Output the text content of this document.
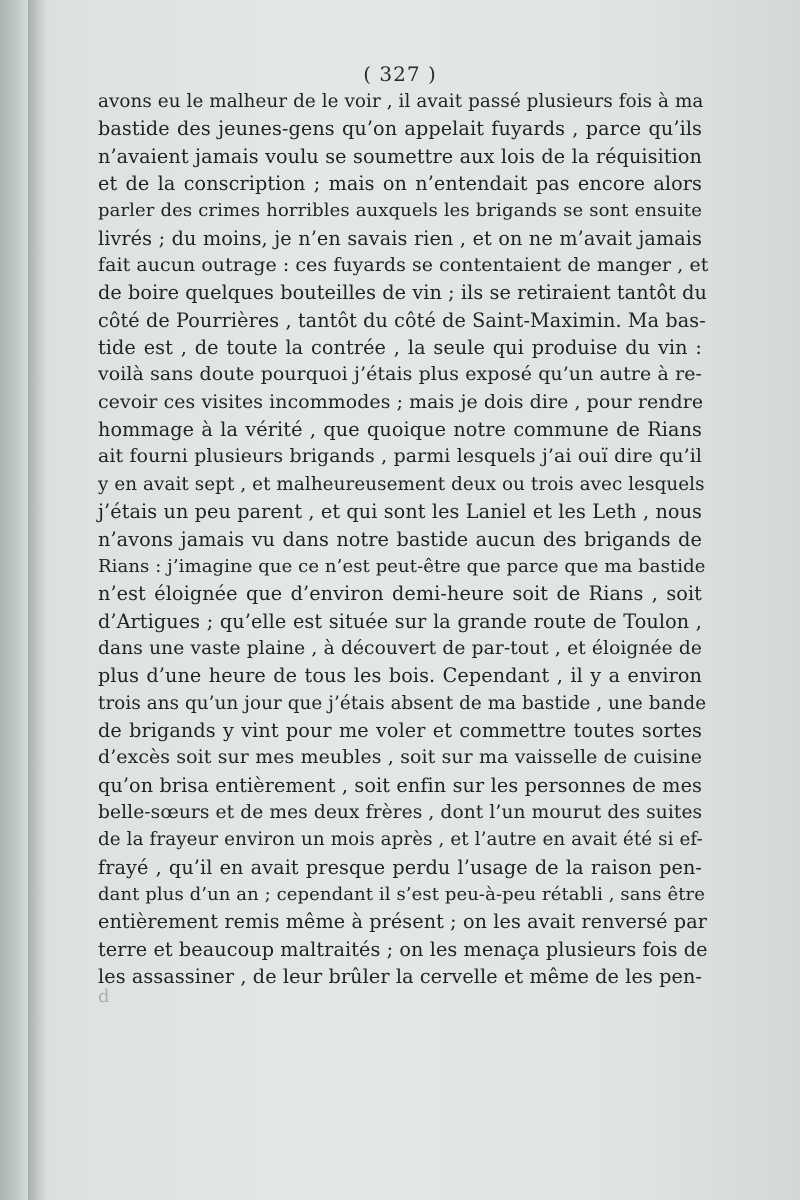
( 327 )
avons eu le malheur de le voir , il avait passé plusieurs fois à ma
bastide des jeunes-gens qu’on appelait fuyards , parce qu’ils
n’avaient jamais voulu se soumettre aux lois de la réquisition
et de la conscription ; mais on n’entendait pas encore alors
parler des crimes horribles auxquels les brigands se sont ensuite
livrés ; du moins, je n’en savais rien , et on ne m’avait jamais
fait aucun outrage : ces fuyards se contentaient de manger , et
de boire quelques bouteilles de vin ; ils se retiraient tantôt du
côté de Pourrières , tantôt du côté de Saint-Maximin. Ma bas-
tide est , de toute la contrée , la seule qui produise du vin :
voilà sans doute pourquoi j’étais plus exposé qu’un autre à re-
cevoir ces visites incommodes ; mais je dois dire , pour rendre
hommage à la vérité , que quoique notre commune de Rians
ait fourni plusieurs brigands , parmi lesquels j’ai ouï dire qu’il
y en avait sept , et malheureusement deux ou trois avec lesquels
j’étais un peu parent , et qui sont les Laniel et les Leth , nous
n’avons jamais vu dans notre bastide aucun des brigands de
Rians : j’imagine que ce n’est peut-être que parce que ma bastide
n’est éloignée que d’environ demi-heure soit de Rians , soit
d’Artigues ; qu’elle est située sur la grande route de Toulon ,
dans une vaste plaine , à découvert de par-tout , et éloignée de
plus d’une heure de tous les bois. Cependant , il y a environ
trois ans qu’un jour que j’étais absent de ma bastide , une bande
de brigands y vint pour me voler et commettre toutes sortes
d’excès soit sur mes meubles , soit sur ma vaisselle de cuisine
qu’on brisa entièrement , soit enfin sur les personnes de mes
belle-sœurs et de mes deux frères , dont l’un mourut des suites
de la frayeur environ un mois après , et l’autre en avait été si ef-
frayé , qu’il en avait presque perdu l’usage de la raison pen-
dant plus d’un an ; cependant il s’est peu-à-peu rétabli , sans être
entièrement remis même à présent ; on les avait renversé par
terre et beaucoup maltraités ; on les menaça plusieurs fois de
les assassiner , de leur brûler la cervelle et même de les pen-
d
